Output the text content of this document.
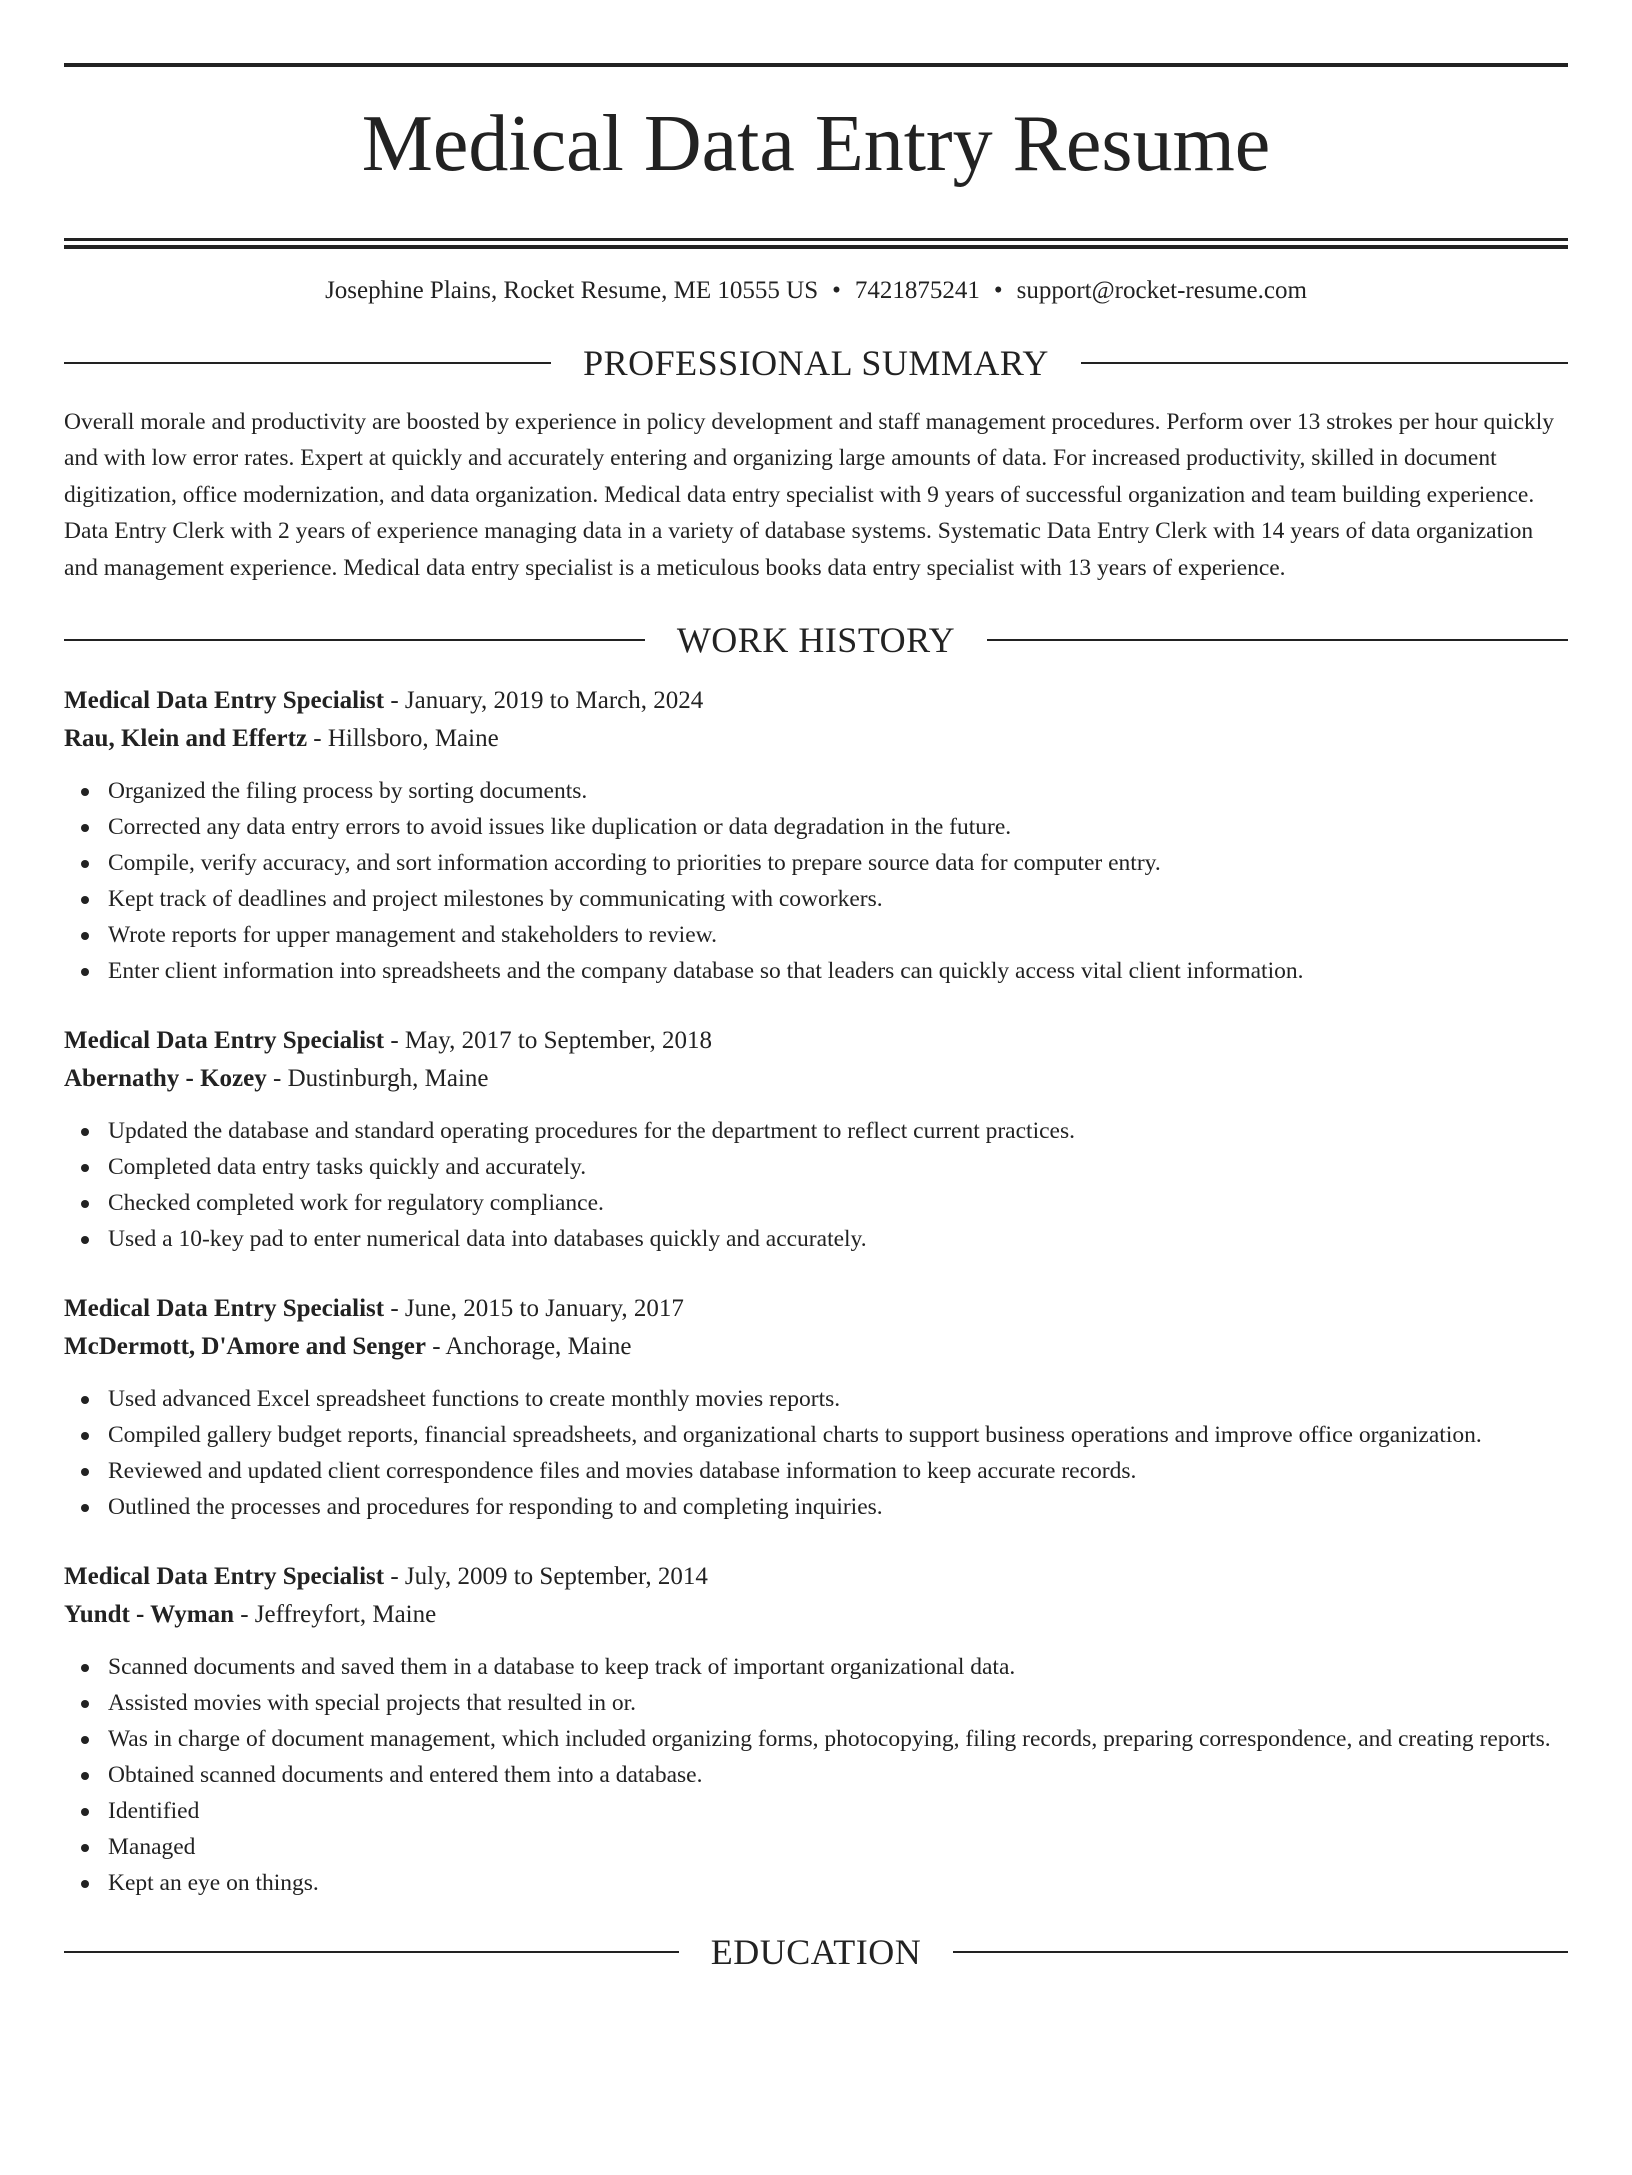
Medical Data Entry Resume
Josephine Plains, Rocket Resume, ME 10555 US • 7421875241 • support@rocket-resume.com
PROFESSIONAL SUMMARY

Overall morale and productivity are boosted by experience in policy development and staff management procedures. Perform over 13 strokes per hour quickly and with low error rates. Expert at quickly and accurately entering and organizing large amounts of data. For increased productivity, skilled in document digitization, office modernization, and data organization. Medical data entry specialist with 9 years of successful organization and team building experience. Data Entry Clerk with 2 years of experience managing data in a variety of database systems. Systematic Data Entry Clerk with 14 years of data organization and management experience. Medical data entry specialist is a meticulous books data entry specialist with 13 years of experience.

WORK HISTORY
Medical Data Entry Specialist - January, 2019 to March, 2024
Rau, Klein and Effertz - Hillsboro, Maine
Organized the filing process by sorting documents.
Corrected any data entry errors to avoid issues like duplication or data degradation in the future.
Compile, verify accuracy, and sort information according to priorities to prepare source data for computer entry.
Kept track of deadlines and project milestones by communicating with coworkers.
Wrote reports for upper management and stakeholders to review.
Enter client information into spreadsheets and the company database so that leaders can quickly access vital client information.
Medical Data Entry Specialist - May, 2017 to September, 2018
Abernathy - Kozey - Dustinburgh, Maine
Updated the database and standard operating procedures for the department to reflect current practices.
Completed data entry tasks quickly and accurately.
Checked completed work for regulatory compliance.
Used a 10-key pad to enter numerical data into databases quickly and accurately.
Medical Data Entry Specialist - June, 2015 to January, 2017
McDermott, D'Amore and Senger - Anchorage, Maine
Used advanced Excel spreadsheet functions to create monthly movies reports.
Compiled gallery budget reports, financial spreadsheets, and organizational charts to support business operations and improve office organization.
Reviewed and updated client correspondence files and movies database information to keep accurate records.
Outlined the processes and procedures for responding to and completing inquiries.
Medical Data Entry Specialist - July, 2009 to September, 2014
Yundt - Wyman - Jeffreyfort, Maine
Scanned documents and saved them in a database to keep track of important organizational data.
Assisted movies with special projects that resulted in or.
Was in charge of document management, which included organizing forms, photocopying, filing records, preparing correspondence, and creating reports.
Obtained scanned documents and entered them into a database.
Identified
Managed
Kept an eye on things.
EDUCATION
